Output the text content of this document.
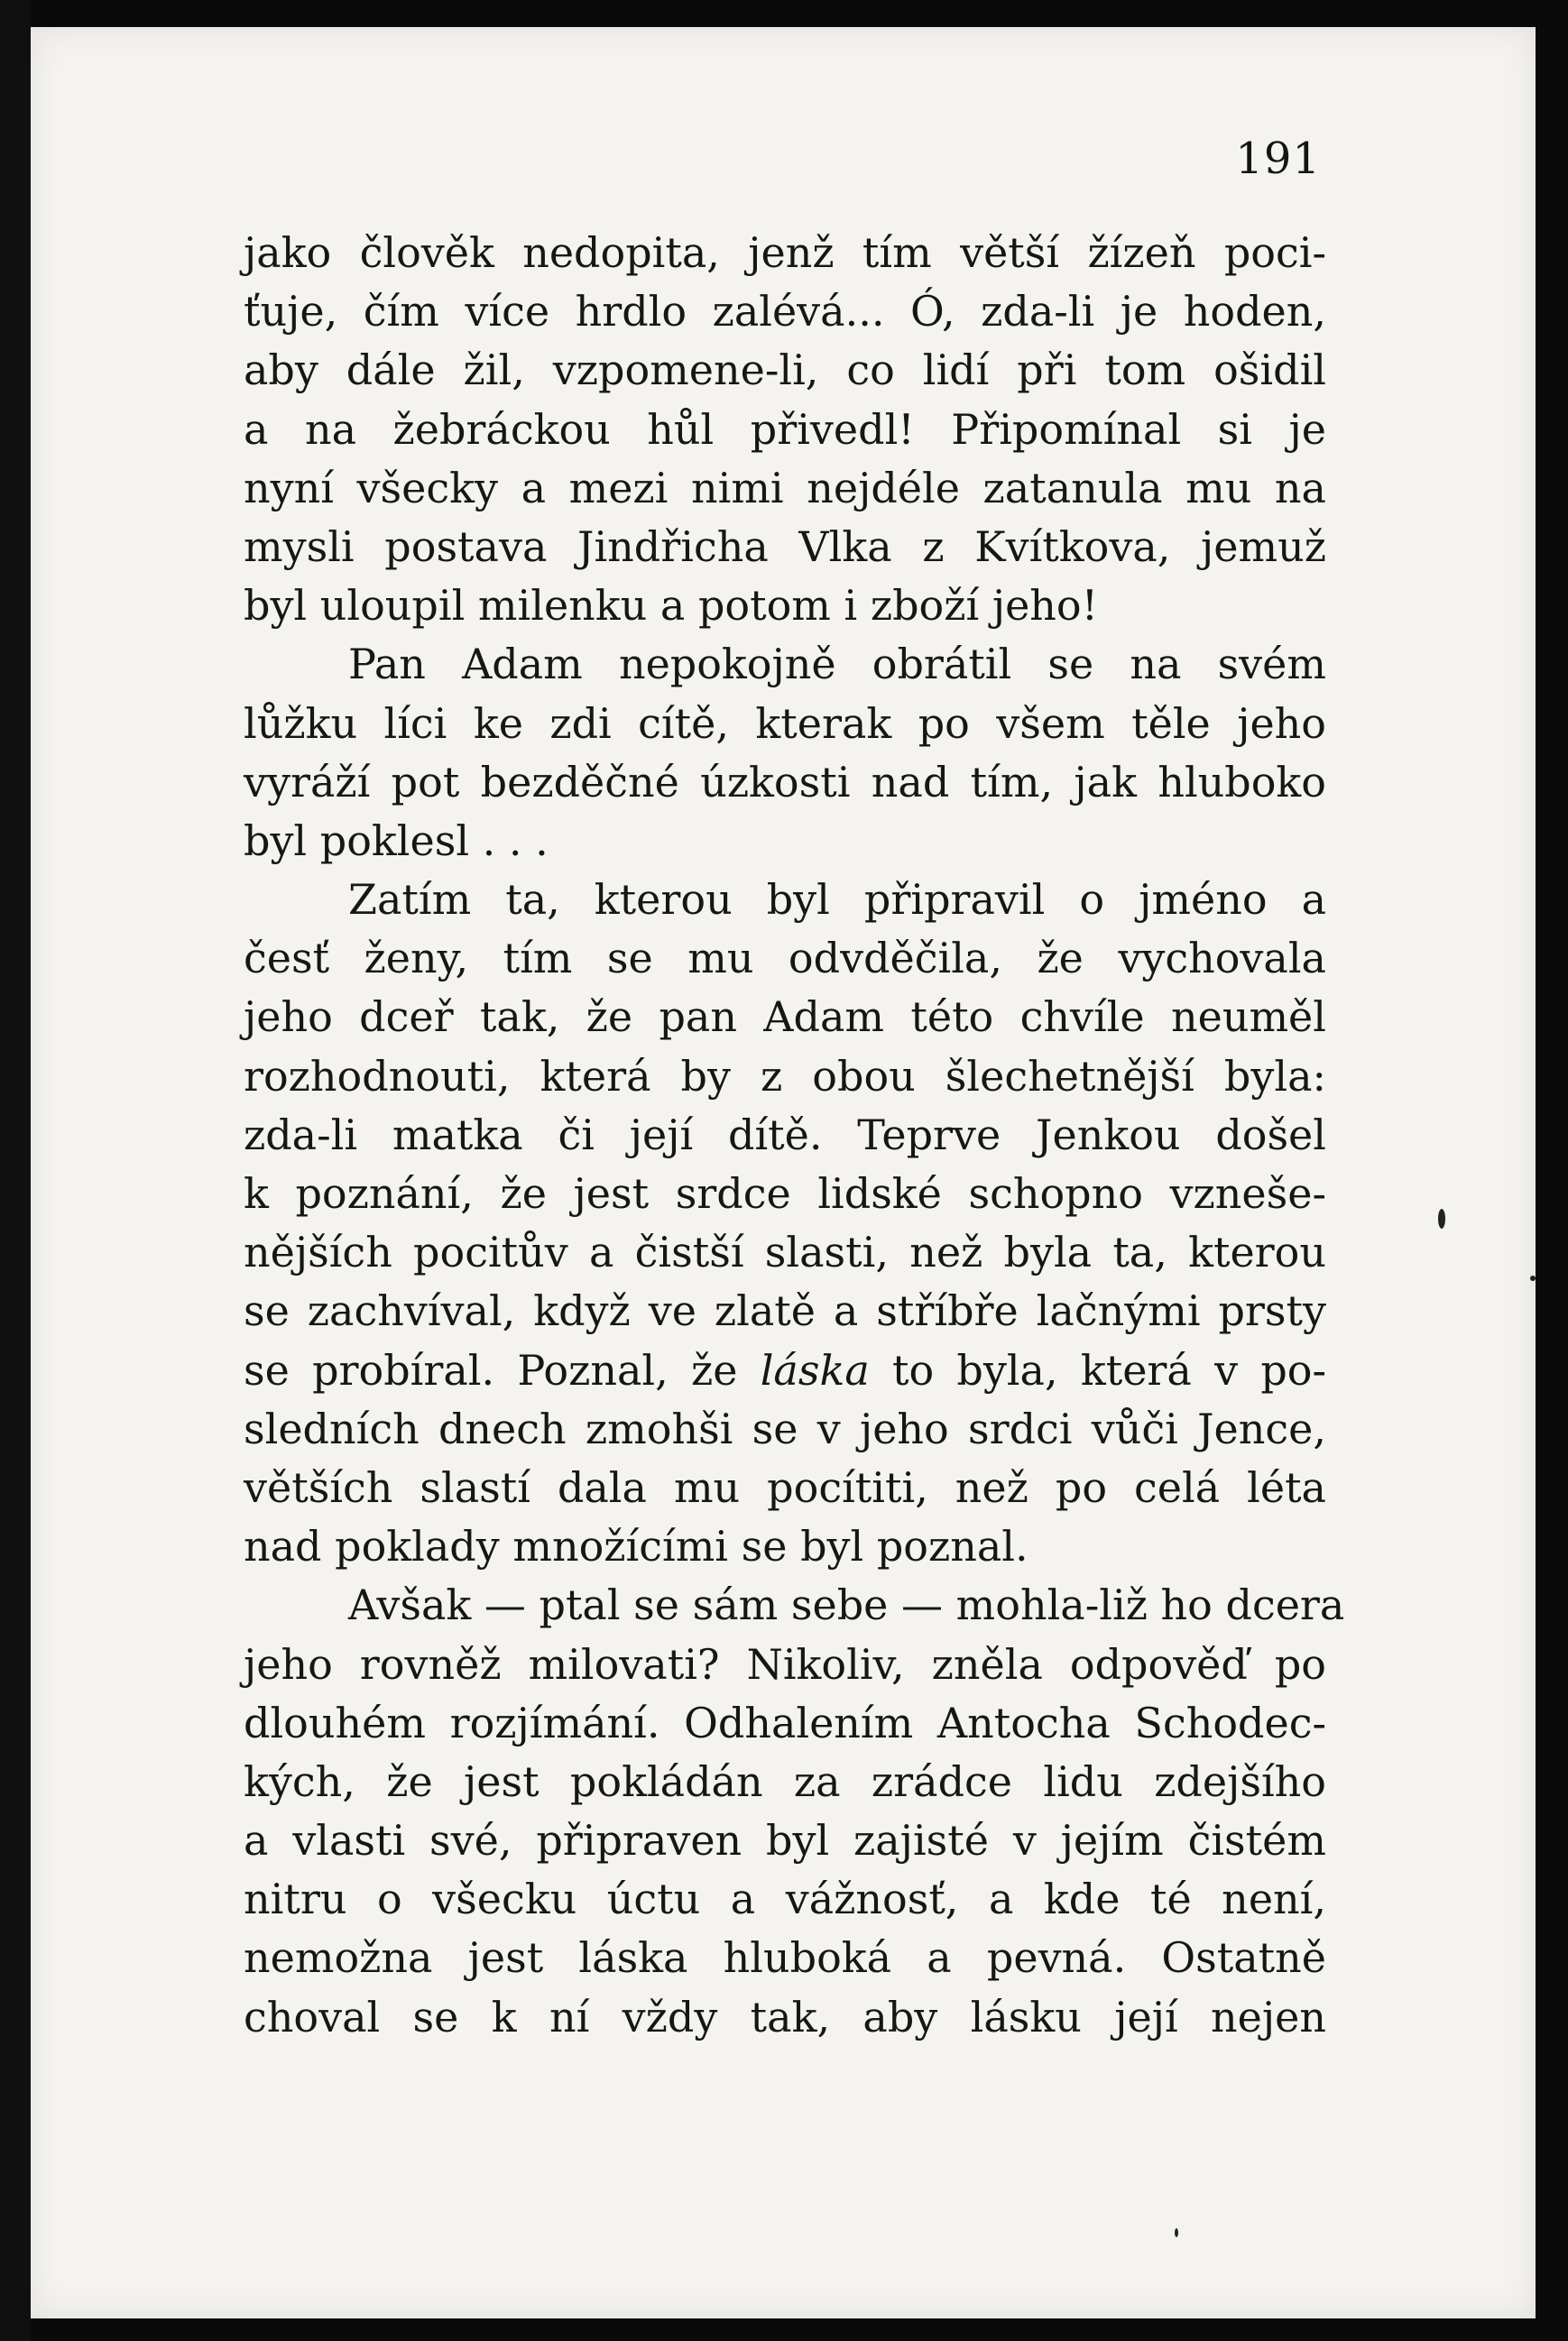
191
jako člověk nedopita, jenž tím větší žízeň poci-
ťuje, čím více hrdlo zalévá... Ó, zda-li je hoden,
aby dále žil, vzpomene-li, co lidí při tom ošidil
a na žebráckou hůl přivedl! Připomínal si je
nyní všecky a mezi nimi nejdéle zatanula mu na
mysli postava Jindřicha Vlka z Kvítkova, jemuž
byl uloupil milenku a potom i zboží jeho!
Pan Adam nepokojně obrátil se na svém
lůžku líci ke zdi cítě, kterak po všem těle jeho
vyráží pot bezděčné úzkosti nad tím, jak hluboko
byl poklesl . . .
Zatím ta, kterou byl připravil o jméno a
česť ženy, tím se mu odvděčila, že vychovala
jeho dceř tak, že pan Adam této chvíle neuměl
rozhodnouti, která by z obou šlechetnější byla:
zda-li matka či její dítě. Teprve Jenkou došel
k poznání, že jest srdce lidské schopno vznešе-
nějších pocitův a čistší slasti, než byla ta, kterou
se zachvíval, když ve zlatě a stříbře lačnými prsty
se probíral. Poznal, že láska to byla, která v po-
sledních dnech zmohši se v jeho srdci vůči Jence,
větších slastí dala mu pocítiti, než po celá léta
nad poklady množícími se byl poznal.
Avšak — ptal se sám sebe — mohla-liž ho dcera
jeho rovněž milovati? Nikoliv, zněla odpověď po
dlouhém rozjímání. Odhalením Antocha Schodec-
kých, že jest pokládán za zrádce lidu zdejšího
a vlasti své, připraven byl zajisté v jejím čistém
nitru o všecku úctu a vážnosť, a kde té není,
nemožna jest láska hluboká a pevná. Ostatně
choval se k ní vždy tak, aby lásku její nejen
